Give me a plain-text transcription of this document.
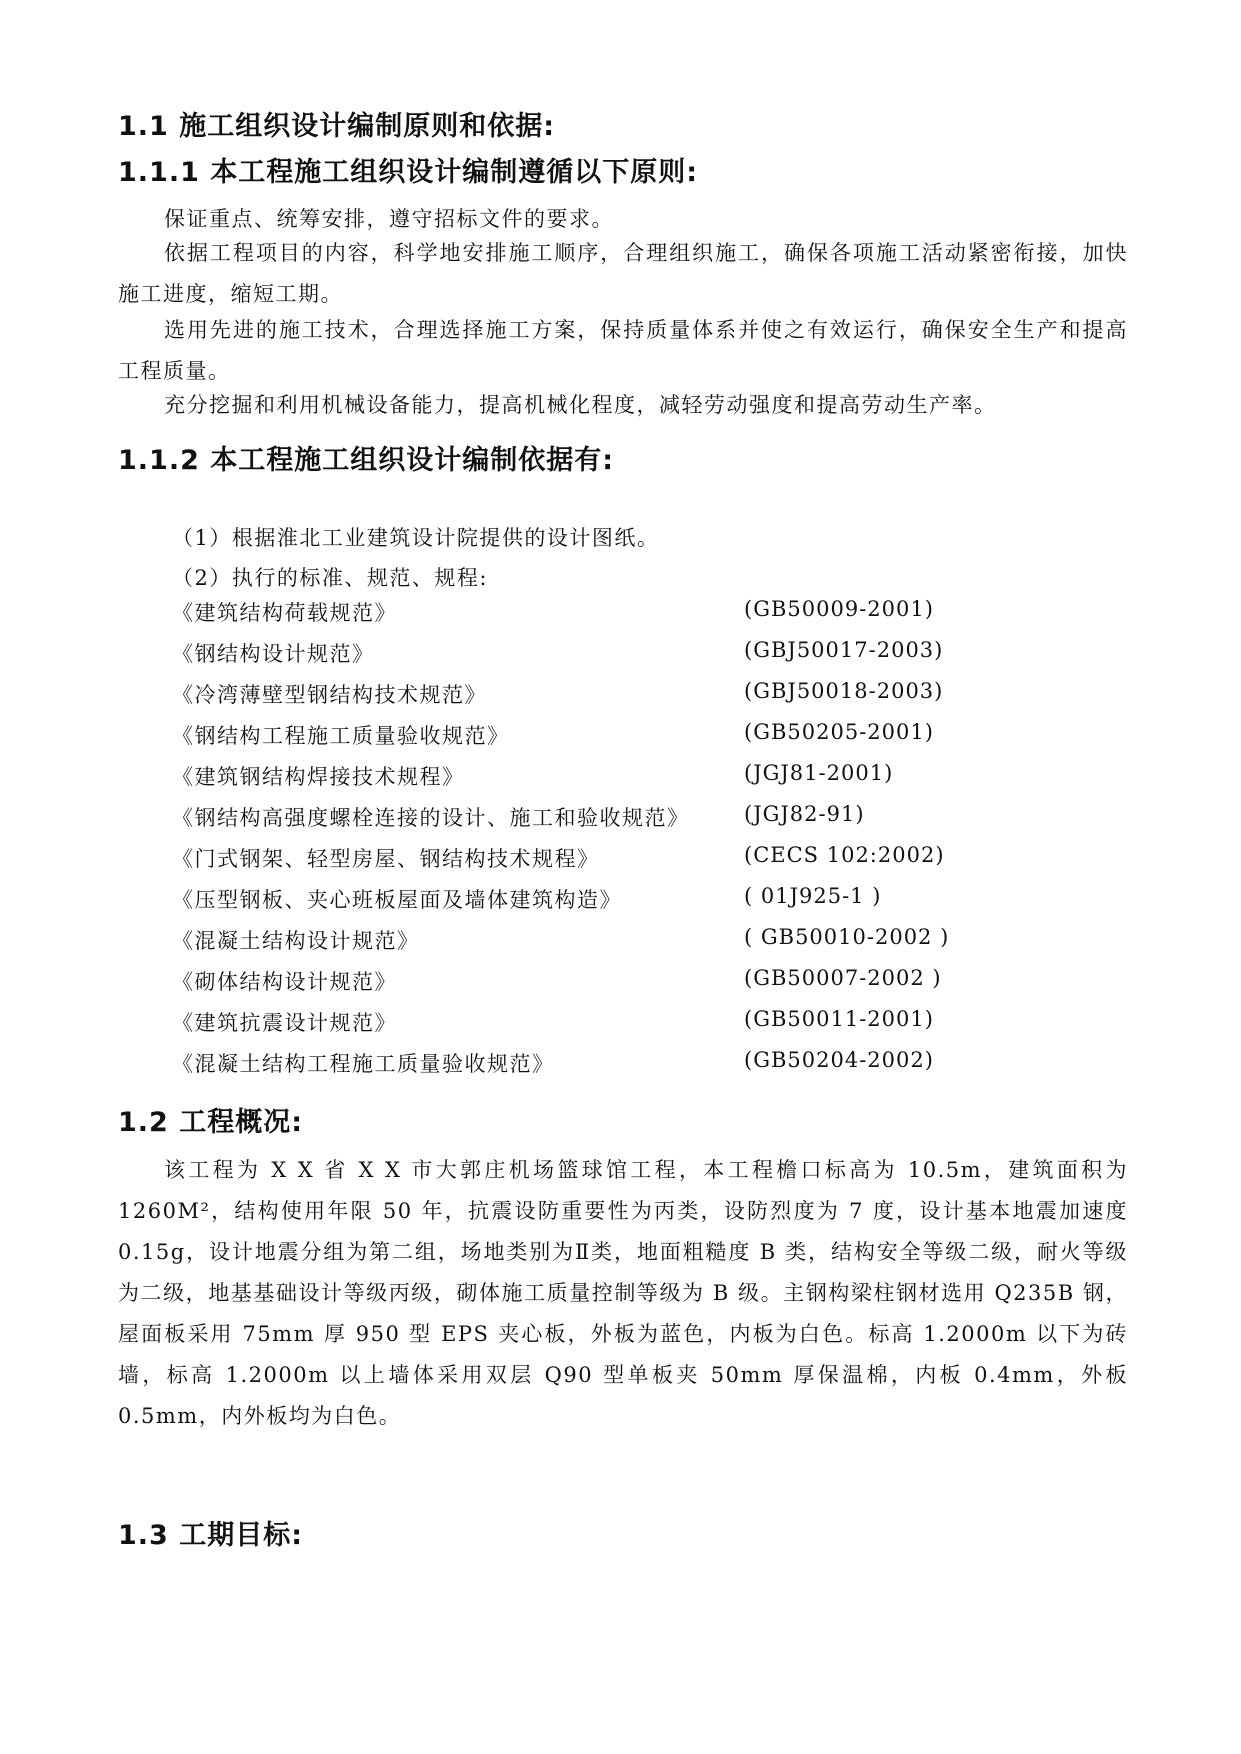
1.1 施工组织设计编制原则和依据:
1.1.1 本工程施工组织设计编制遵循以下原则:
保证重点、统筹安排，遵守招标文件的要求。
依据工程项目的内容，科学地安排施工顺序，合理组织施工，确保各项施工活动紧密衔接，加快施工进度，缩短工期。
选用先进的施工技术，合理选择施工方案，保持质量体系并使之有效运行，确保安全生产和提高工程质量。
充分挖掘和利用机械设备能力，提高机械化程度，减轻劳动强度和提高劳动生产率。
1.1.2 本工程施工组织设计编制依据有:
（1）根据淮北工业建筑设计院提供的设计图纸。
（2）执行的标准、规范、规程:
《建筑结构荷载规范》	(GB50009-2001)
《钢结构设计规范》	(GBJ50017-2003)
《冷湾薄壁型钢结构技术规范》	(GBJ50018-2003)
《钢结构工程施工质量验收规范》	(GB50205-2001)
《建筑钢结构焊接技术规程》	(JGJ81-2001)
《钢结构高强度螺栓连接的设计、施工和验收规范》	(JGJ82-91)
《门式钢架、轻型房屋、钢结构技术规程》	(CECS 102:2002)
《压型钢板、夹心班板屋面及墙体建筑构造》	( 01J925-1 )
《混凝土结构设计规范》	( GB50010-2002 )
《砌体结构设计规范》	(GB50007-2002 )
《建筑抗震设计规范》	(GB50011-2001)
《混凝土结构工程施工质量验收规范》	(GB50204-2002)
1.2 工程概况:
该工程为 X X 省 X X 市大郭庄机场篮球馆工程，本工程檐口标高为 10.5m，建筑面积为 1260M²，结构使用年限 50 年，抗震设防重要性为丙类，设防烈度为 7 度，设计基本地震加速度 0.15g，设计地震分组为第二组，场地类别为Ⅱ类，地面粗糙度 B 类，结构安全等级二级，耐火等级为二级，地基基础设计等级丙级，砌体施工质量控制等级为 B 级。主钢构梁柱钢材选用 Q235B 钢，屋面板采用 75mm 厚 950 型 EPS 夹心板，外板为蓝色，内板为白色。标高 1.2000m 以下为砖墙，标高 1.2000m 以上墙体采用双层 Q90 型单板夹 50mm 厚保温棉，内板 0.4mm，外板 0.5mm，内外板均为白色。
1.3 工期目标:
